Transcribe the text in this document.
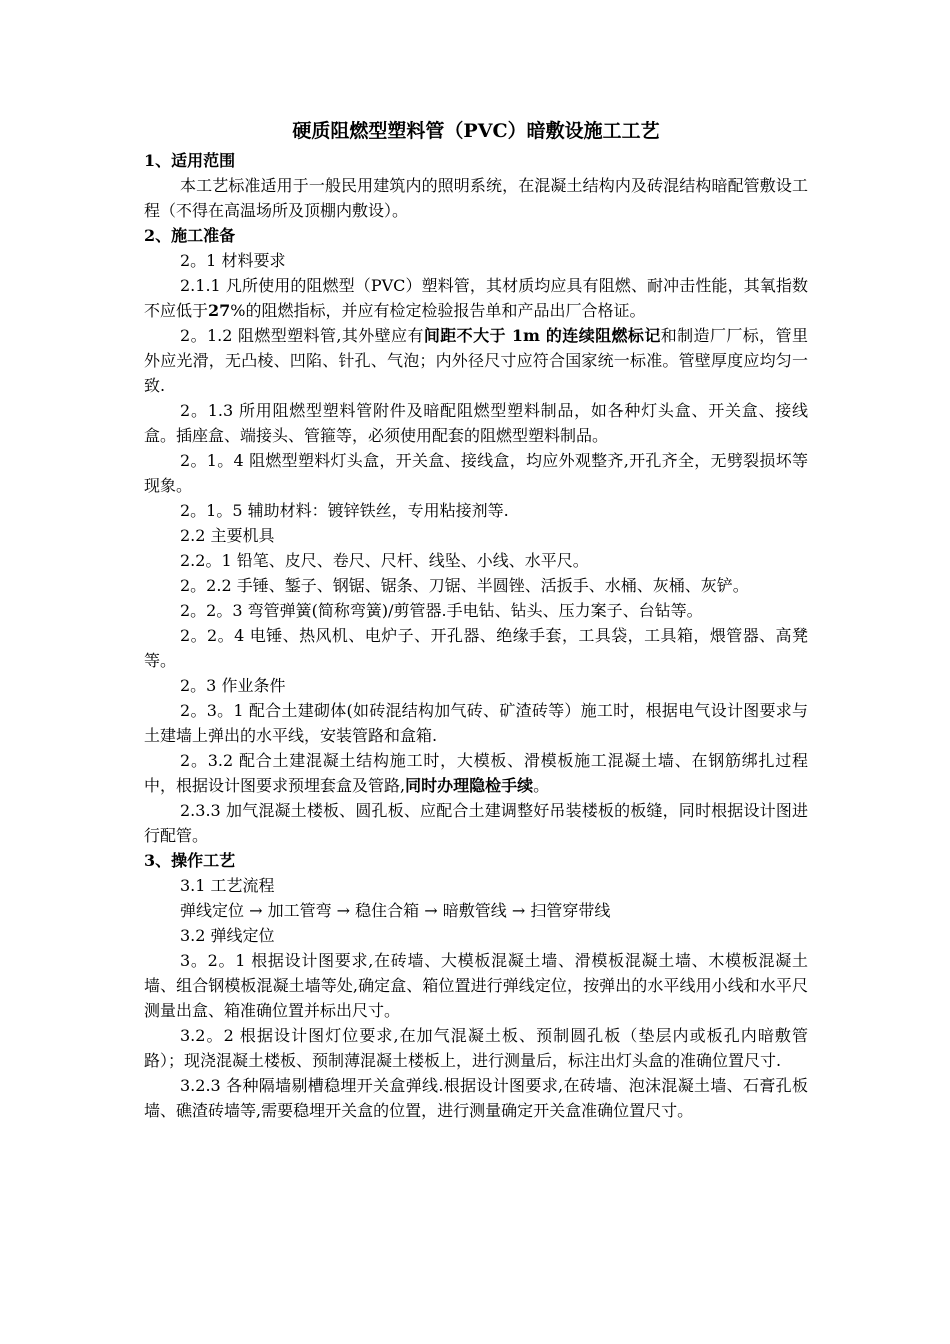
硬质阻燃型塑料管（PVC）暗敷设施工工艺
1、适用范围
本工艺标准适用于一般民用建筑内的照明系统，在混凝土结构内及砖混结构暗配管敷设工程（不得在高温场所及顶棚内敷设）。
2、施工准备
2。1 材料要求
2.1.1 凡所使用的阻燃型（PVC）塑料管，其材质均应具有阻燃、耐冲击性能，其氧指数不应低于27%的阻燃指标，并应有检定检验报告单和产品出厂合格证。
2。1.2 阻燃型塑料管,其外壁应有间距不大于 1m 的连续阻燃标记和制造厂厂标，管里外应光滑，无凸棱、凹陷、针孔、气泡；内外径尺寸应符合国家统一标准。管壁厚度应均匀一致.
2。1.3 所用阻燃型塑料管附件及暗配阻燃型塑料制品，如各种灯头盒、开关盒、接线盒。插座盒、端接头、管箍等，必须使用配套的阻燃型塑料制品。
2。1。4 阻燃型塑料灯头盒，开关盒、接线盒，均应外观整齐,开孔齐全，无劈裂损坏等现象。
2。1。5 辅助材料：镀锌铁丝，专用粘接剂等.
2.2 主要机具
2.2。1 铅笔、皮尺、卷尺、尺杆、线坠、小线、水平尺。
2。2.2 手锤、錾子、钢锯、锯条、刀锯、半圆锉、活扳手、水桶、灰桶、灰铲。
2。2。3 弯管弹簧(简称弯簧)/剪管器.手电钻、钻头、压力案子、台钻等。
2。2。4 电锤、热风机、电炉子、开孔器、绝缘手套，工具袋，工具箱，煨管器、高凳等。
2。3 作业条件
2。3。1 配合土建砌体(如砖混结构加气砖、矿渣砖等）施工时，根据电气设计图要求与土建墙上弹出的水平线，安装管路和盒箱.
2。3.2 配合土建混凝土结构施工时，大模板、滑模板施工混凝土墙、在钢筋绑扎过程中，根据设计图要求预埋套盒及管路,同时办理隐检手续。
2.3.3 加气混凝土楼板、圆孔板、应配合土建调整好吊装楼板的板缝，同时根据设计图进行配管。
3、操作工艺
3.1 工艺流程
弹线定位 → 加工管弯 → 稳住合箱 → 暗敷管线 → 扫管穿带线
3.2 弹线定位
3。2。1 根据设计图要求,在砖墙、大模板混凝土墙、滑模板混凝土墙、木模板混凝土墙、组合钢模板混凝土墙等处,确定盒、箱位置进行弹线定位，按弹出的水平线用小线和水平尺测量出盒、箱准确位置并标出尺寸。
3.2。2 根据设计图灯位要求,在加气混凝土板、预制圆孔板（垫层内或板孔内暗敷管路）；现浇混凝土楼板、预制薄混凝土楼板上，进行测量后，标注出灯头盒的准确位置尺寸.
3.2.3 各种隔墙剔槽稳埋开关盒弹线.根据设计图要求,在砖墙、泡沫混凝土墙、石膏孔板墙、礁渣砖墙等,需要稳埋开关盒的位置，进行测量确定开关盒准确位置尺寸。
